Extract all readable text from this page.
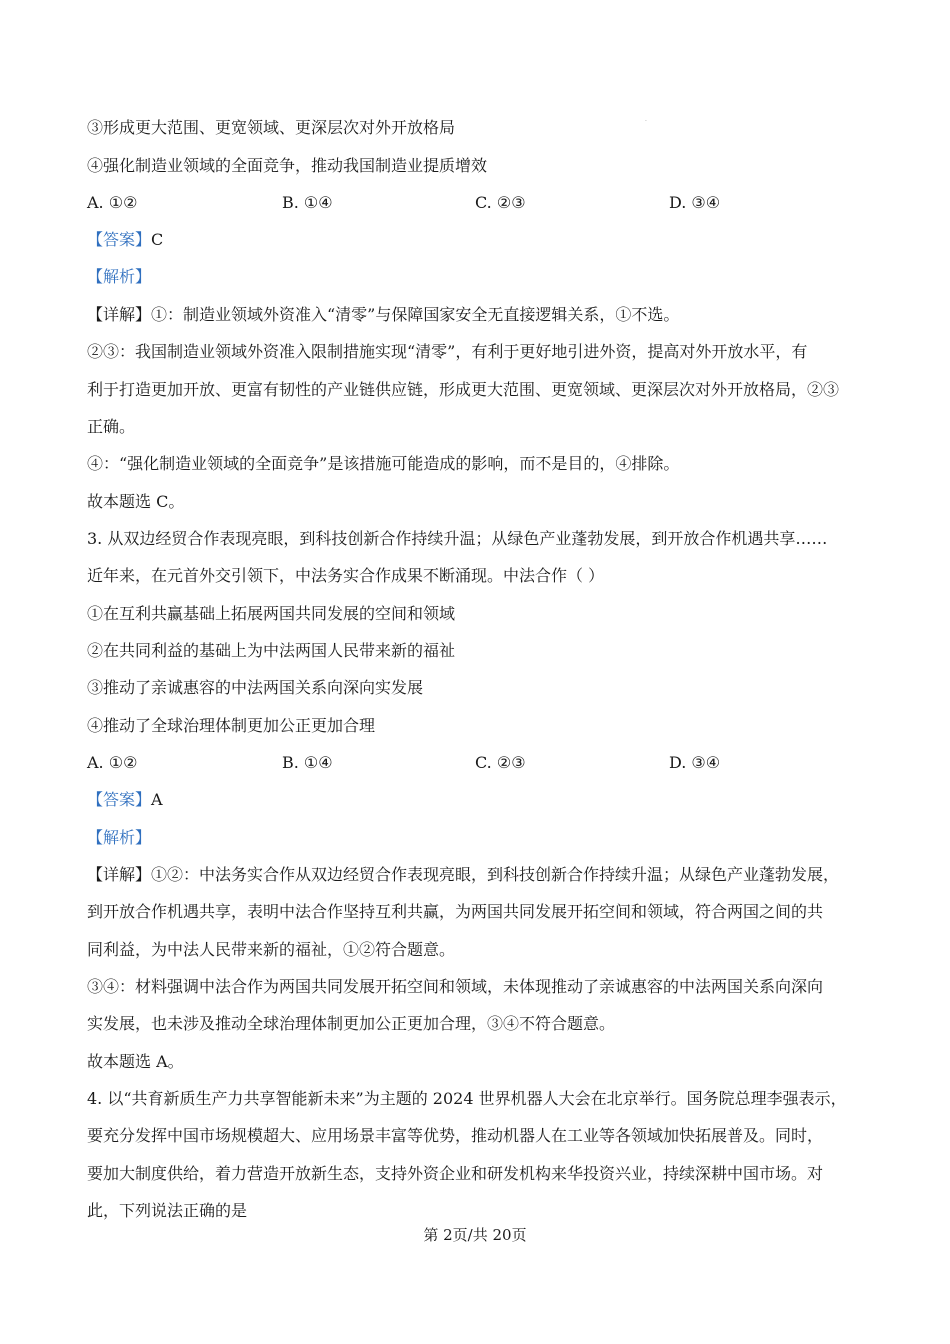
·
③形成更大范围、更宽领域、更深层次对外开放格局
④强化制造业领域的全面竞争，推动我国制造业提质增效
A. ①②	B. ①④	C. ②③	D. ③④
【答案】C
【解析】
【详解】①：制造业领域外资准入“清零”与保障国家安全无直接逻辑关系，①不选。
②③：我国制造业领域外资准入限制措施实现“清零”，有利于更好地引进外资，提高对外开放水平，有
利于打造更加开放、更富有韧性的产业链供应链，形成更大范围、更宽领域、更深层次对外开放格局，②③
正确。
④：“强化制造业领域的全面竞争”是该措施可能造成的影响，而不是目的，④排除。
故本题选 C。
3. 从双边经贸合作表现亮眼，到科技创新合作持续升温；从绿色产业蓬勃发展，到开放合作机遇共享……
近年来，在元首外交引领下，中法务实合作成果不断涌现。中法合作（ ）
①在互利共赢基础上拓展两国共同发展的空间和领域
②在共同利益的基础上为中法两国人民带来新的福祉
③推动了亲诚惠容的中法两国关系向深向实发展
④推动了全球治理体制更加公正更加合理
A. ①②	B. ①④	C. ②③	D. ③④
【答案】A
【解析】
【详解】①②：中法务实合作从双边经贸合作表现亮眼，到科技创新合作持续升温；从绿色产业蓬勃发展，
到开放合作机遇共享，表明中法合作坚持互利共赢，为两国共同发展开拓空间和领域，符合两国之间的共
同利益，为中法人民带来新的福祉，①②符合题意。
③④：材料强调中法合作为两国共同发展开拓空间和领域，未体现推动了亲诚惠容的中法两国关系向深向
实发展，也未涉及推动全球治理体制更加公正更加合理，③④不符合题意。
故本题选 A。
4. 以“共育新质生产力共享智能新未来”为主题的 2024 世界机器人大会在北京举行。国务院总理李强表示，
要充分发挥中国市场规模超大、应用场景丰富等优势，推动机器人在工业等各领域加快拓展普及。同时，
要加大制度供给，着力营造开放新生态，支持外资企业和研发机构来华投资兴业，持续深耕中国市场。对
此，下列说法正确的是
第 2页/共 20页
